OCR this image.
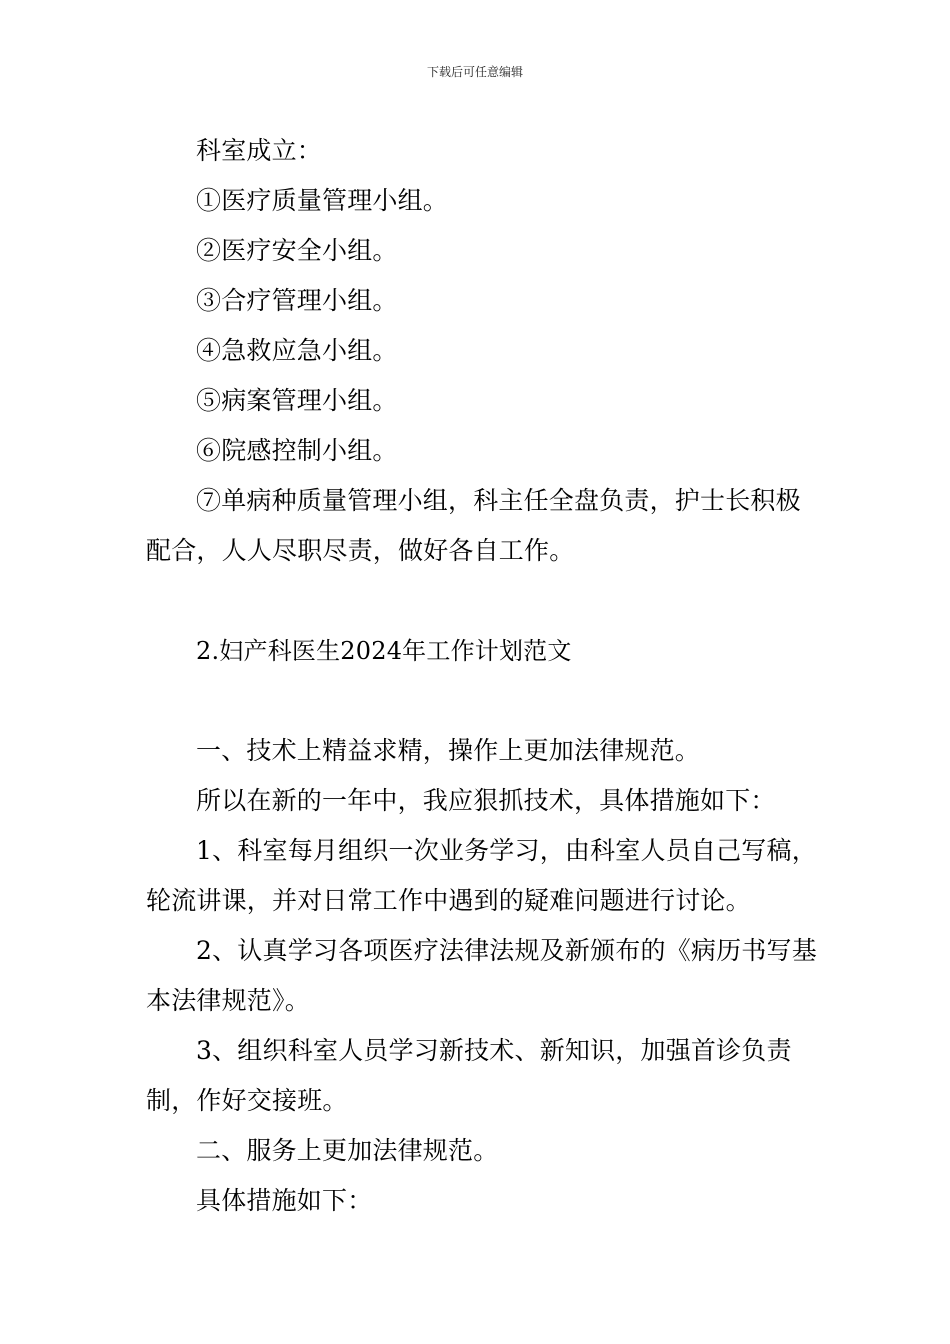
下载后可任意编辑

科室成立：

①医疗质量管理小组。

②医疗安全小组。

③合疗管理小组。

④急救应急小组。

⑤病案管理小组。

⑥院感控制小组。

⑦单病种质量管理小组，科主任全盘负责，护士长积极配合，人人尽职尽责，做好各自工作。

2.妇产科医生2024年工作计划范文

一、技术上精益求精，操作上更加法律规范。

所以在新的一年中，我应狠抓技术，具体措施如下：

1、科室每月组织一次业务学习，由科室人员自己写稿，轮流讲课，并对日常工作中遇到的疑难问题进行讨论。

2、认真学习各项医疗法律法规及新颁布的《病历书写基本法律规范》。

3、组织科室人员学习新技术、新知识，加强首诊负责制，作好交接班。

二、服务上更加法律规范。

具体措施如下：
